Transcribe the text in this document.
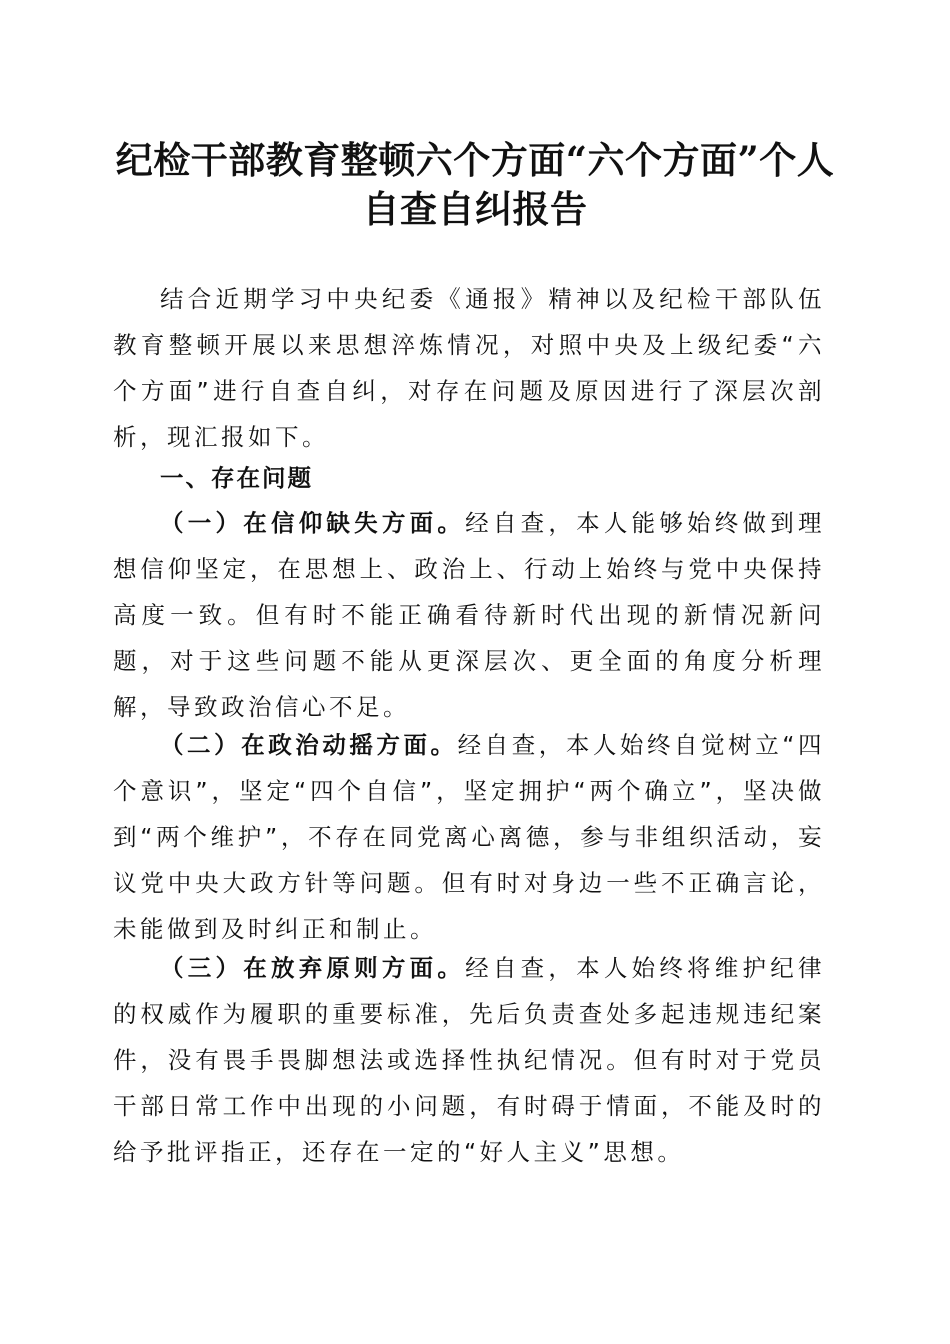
纪检干部教育整顿六个方面“六个方面”个人
自查自纠报告

结合近期学习中央纪委《通报》精神以及纪检干部队伍教育整顿开展以来思想淬炼情况，对照中央及上级纪委“六个方面”进行自查自纠，对存在问题及原因进行了深层次剖析，现汇报如下。

一、存在问题

（一）在信仰缺失方面。经自查，本人能够始终做到理想信仰坚定，在思想上、政治上、行动上始终与党中央保持高度一致。但有时不能正确看待新时代出现的新情况新问题，对于这些问题不能从更深层次、更全面的角度分析理解，导致政治信心不足。

（二）在政治动摇方面。经自查，本人始终自觉树立“四个意识”，坚定“四个自信”，坚定拥护“两个确立”，坚决做到“两个维护”，不存在同党离心离德，参与非组织活动，妄议党中央大政方针等问题。但有时对身边一些不正确言论，未能做到及时纠正和制止。

（三）在放弃原则方面。经自查，本人始终将维护纪律的权威作为履职的重要标准，先后负责查处多起违规违纪案件，没有畏手畏脚想法或选择性执纪情况。但有时对于党员干部日常工作中出现的小问题，有时碍于情面，不能及时的给予批评指正，还存在一定的“好人主义”思想。
